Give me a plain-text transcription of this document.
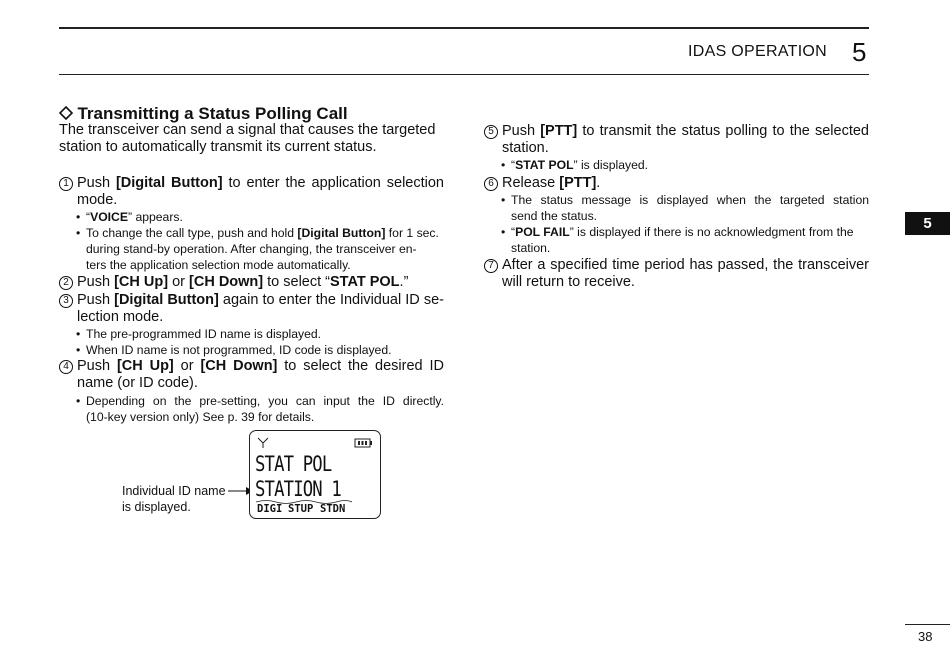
IDAS OPERATION 5
5
Transmitting a Status Polling Call
The transceiver can send a signal that causes the targeted
station to automatically transmit its current status.
1 Push [Digital Button] to enter the application selection
mode.
• “VOICE” appears.
• To change the call type, push and hold [Digital Button] for 1 sec.
during stand-by operation. After changing, the transceiver en-
ters the application selection mode automatically.
2 Push [CH Up] or [CH Down] to select “STAT POL.”
3 Push [Digital Button] again to enter the Individual ID se-
lection mode.
• The pre-programmed ID name is displayed.
• When ID name is not programmed, ID code is displayed.
4 Push [CH Up] or [CH Down] to select the desired ID
name (or ID code).
• Depending on the pre-setting, you can input the ID directly.
(10-key version only) See p. 39 for details.
Individual ID name
is displayed.
STAT POL
STATION 1
DIGI STUP STDN
5 Push [PTT] to transmit the status polling to the selected
station.
• “STAT POL” is displayed.
6 Release [PTT].
• The status message is displayed when the targeted station
send the status.
• “POL FAIL” is displayed if there is no acknowledgment from the
station.
7 After a specified time period has passed, the transceiver
will return to receive.
38
